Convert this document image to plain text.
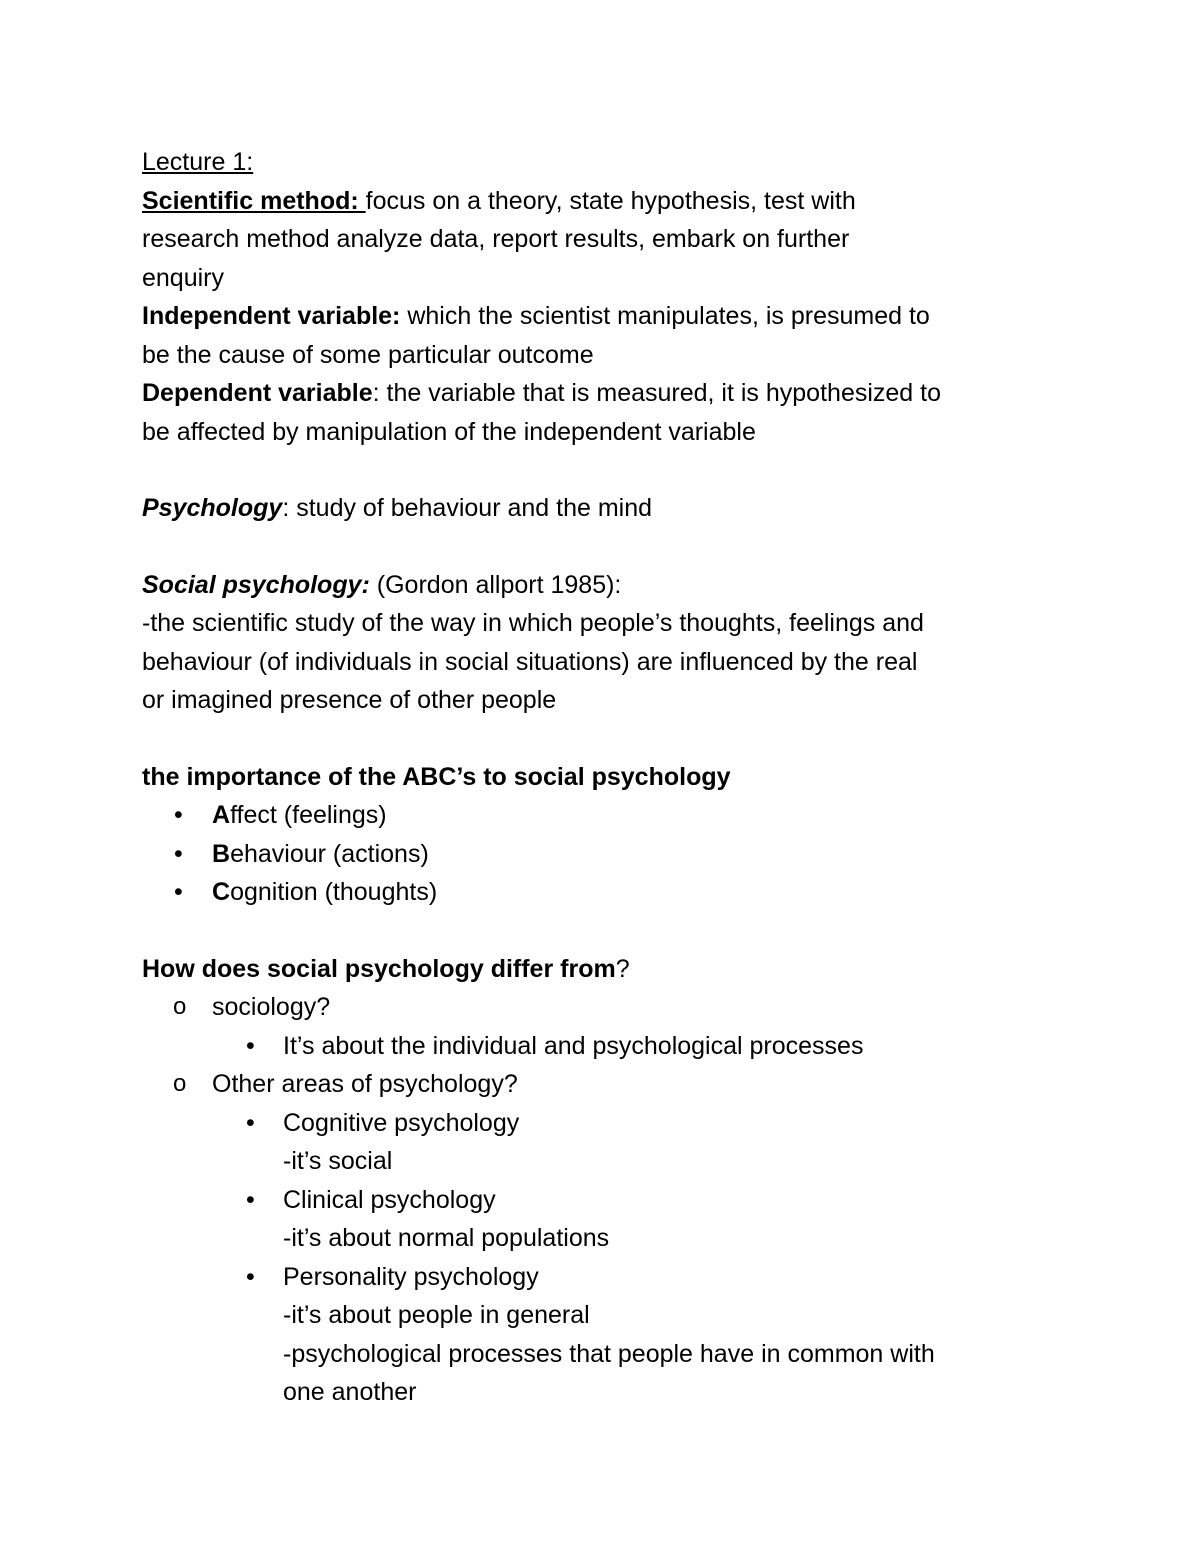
Lecture 1:

Scientific method: focus on a theory, state hypothesis, test with

research method analyze data, report results, embark on further

enquiry

Independent variable: which the scientist manipulates, is presumed to

be the cause of some particular outcome

Dependent variable: the variable that is measured, it is hypothesized to

be affected by manipulation of the independent variable

Psychology: study of behaviour and the mind

Social psychology: (Gordon allport 1985):

-the scientific study of the way in which people’s thoughts, feelings and

behaviour (of individuals in social situations) are influenced by the real

or imagined presence of other people

the importance of the ABC’s to social psychology

• Affect (feelings)
• Behaviour (actions)
• Cognition (thoughts)

How does social psychology differ from?

o sociology?
• It’s about the individual and psychological processes
o Other areas of psychology?
• Cognitive psychology
-it’s social
• Clinical psychology
-it’s about normal populations
• Personality psychology
-it’s about people in general
-psychological processes that people have in common with
one another
